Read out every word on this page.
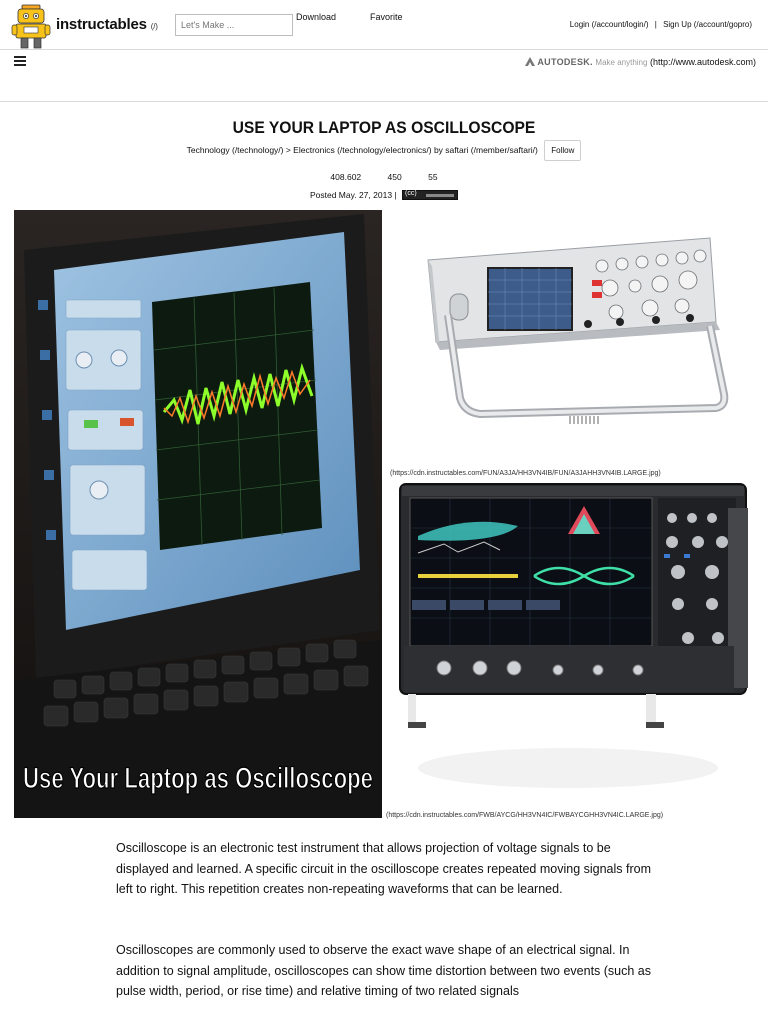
instructables (/)
Let's Make ...
Download	Favorite
Login (/account/login/) | Sign Up (/account/gopro)
AUTODESK. Make anything (http://www.autodesk.com)
USE YOUR LAPTOP AS OSCILLOSCOPE
Technology (/technology/) > Electronics (/technology/electronics/) by saftari (/member/saftari/) Follow
408.602	450	55
Posted May. 27, 2013 | (cc)
Use Your Laptop as Oscilloscope
(https://cdn.instructables.com/FUN/A3JA/HH3VN4IB/FUN/A3JAHH3VN4IB.LARGE.jpg)
(https://cdn.instructables.com/FWB/AYCG/HH3VN4IC/FWBAYCGHH3VN4IC.LARGE.jpg)

Oscilloscope is an electronic test instrument that allows projection of voltage signals to be displayed and learned. A specific circuit in the oscilloscope creates repeated moving signals from left to right. This repetition creates non-repeating waveforms that can be learned.

Oscilloscopes are commonly used to observe the exact wave shape of an electrical signal. In addition to signal amplitude, oscilloscopes can show time distortion between two events (such as pulse width, period, or rise time) and relative timing of two related signals
